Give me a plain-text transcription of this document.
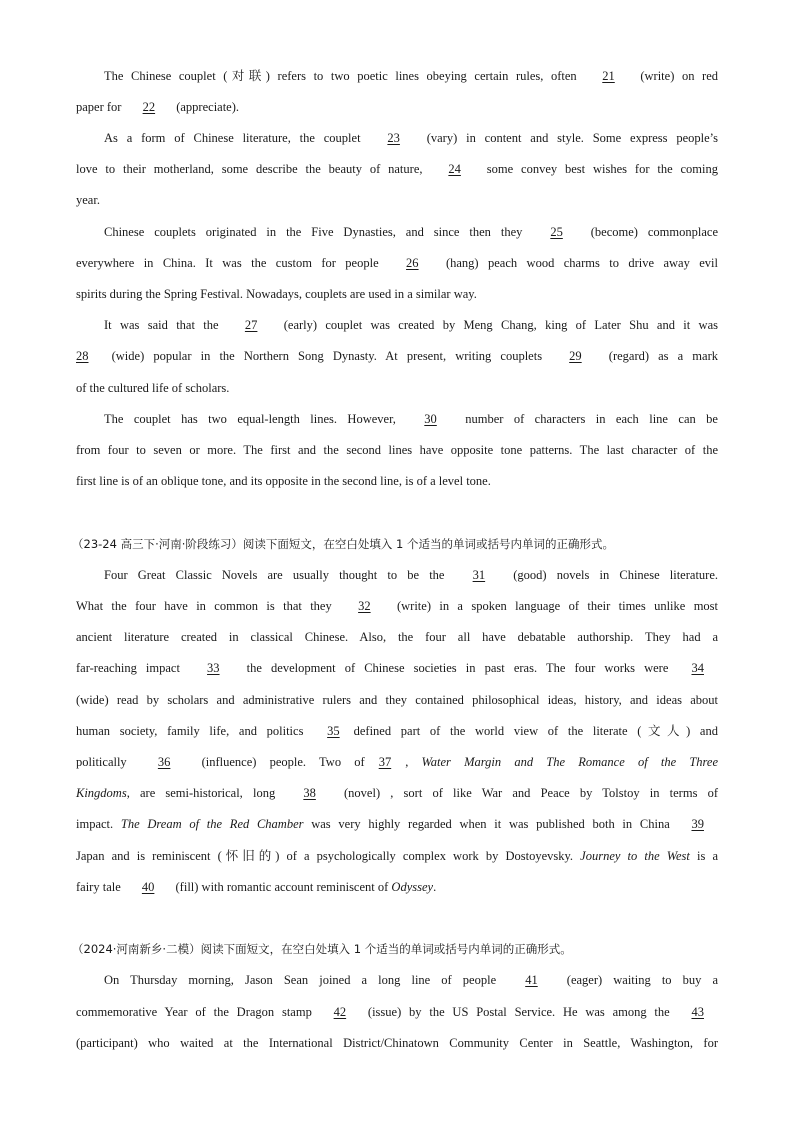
The Chinese couplet (对联) refers to two poetic lines obeying certain rules, often 21 (write) on red
paper for 22 (appreciate).
As a form of Chinese literature, the couplet 23 (vary) in content and style. Some express people’s
love to their motherland, some describe the beauty of nature, 24 some convey best wishes for the coming
year.
Chinese couplets originated in the Five Dynasties, and since then they 25 (become) commonplace
everywhere in China. It was the custom for people 26 (hang) peach wood charms to drive away evil
spirits during the Spring Festival. Nowadays, couplets are used in a similar way.
It was said that the 27 (early) couplet was created by Meng Chang, king of Later Shu and it was
28 (wide) popular in the Northern Song Dynasty. At present, writing couplets 29 (regard) as a mark
of the cultured life of scholars.
The couplet has two equal-length lines. However, 30 number of characters in each line can be
from four to seven or more. The first and the second lines have opposite tone patterns. The last character of the
first line is of an oblique tone, and its opposite in the second line, is of a level tone.
（23-24 高三下·河南·阶段练习）阅读下面短文，在空白处填入 1 个适当的单词或括号内单词的正确形式。
Four Great Classic Novels are usually thought to be the 31 (good) novels in Chinese literature.
What the four have in common is that they 32 (write) in a spoken language of their times unlike most
ancient literature created in classical Chinese. Also, the four all have debatable authorship. They had a
far-reaching impact 33 the development of Chinese societies in past eras. The four works were 34
(wide) read by scholars and administrative rulers and they contained philosophical ideas, history, and ideas about
human society, family life, and politics 35 defined part of the world view of the literate (文人) and
politically 36 (influence) people. Two of 37 , Water Margin and The Romance of the Three
Kingdoms, are semi-historical, long 38 (novel) , sort of like War and Peace by Tolstoy in terms of
impact. The Dream of the Red Chamber was very highly regarded when it was published both in China 39
Japan and is reminiscent (怀旧的) of a psychologically complex work by Dostoyevsky. Journey to the West is a
fairy tale 40 (fill) with romantic account reminiscent of Odyssey.
（2024·河南新乡·二模）阅读下面短文，在空白处填入 1 个适当的单词或括号内单词的正确形式。
On Thursday morning, Jason Sean joined a long line of people 41 (eager) waiting to buy a
commemorative Year of the Dragon stamp 42 (issue) by the US Postal Service. He was among the 43
(participant) who waited at the International District/Chinatown Community Center in Seattle, Washington, for
